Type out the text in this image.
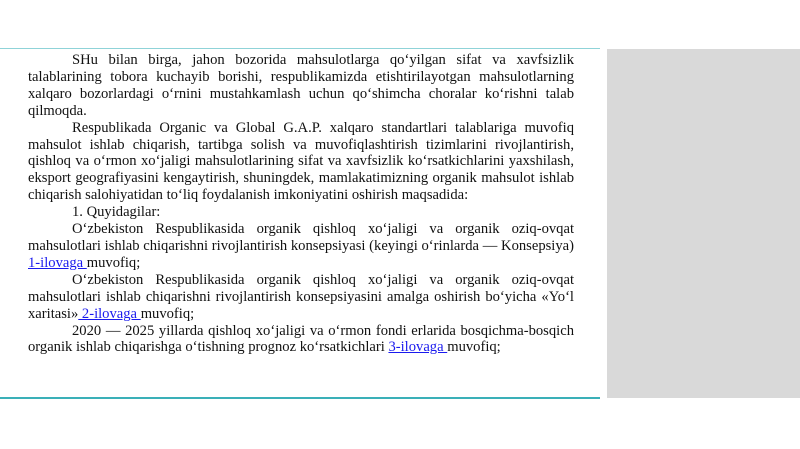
SHu bilan birga, jahon bozorida mahsulotlarga qo‘yilgan sifat va xavfsizlik talablarining tobora kuchayib borishi, respublikamizda etishtirilayotgan mahsulotlarning xalqaro bozorlardagi o‘rnini mustahkamlash uchun qo‘shimcha choralar ko‘rishni talab qilmoqda.

Respublikada Organic va Global G.A.P. xalqaro standartlari talablariga muvofiq mahsulot ishlab chiqarish, tartibga solish va muvofiqlashtirish tizimlarini rivojlantirish, qishloq va o‘rmon xo‘jaligi mahsulotlarining sifat va xavfsizlik ko‘rsatkichlarini yaxshilash, eksport geografiyasini kengaytirish, shuningdek, mamlakatimizning organik mahsulot ishlab chiqarish salohiyatidan to‘liq foydalanish imkoniyatini oshirish maqsadida:

1. Quyidagilar:

O‘zbekiston Respublikasida organik qishloq xo‘jaligi va organik oziq-ovqat mahsulotlari ishlab chiqarishni rivojlantirish konsepsiyasi (keyingi o‘rinlarda — Konsepsiya) 1-ilovaga muvofiq;

O‘zbekiston Respublikasida organik qishloq xo‘jaligi va organik oziq-ovqat mahsulotlari ishlab chiqarishni rivojlantirish konsepsiyasini amalga oshirish bo‘yicha «Yo‘l xaritasi» 2-ilovaga muvofiq;

2020 — 2025 yillarda qishloq xo‘jaligi va o‘rmon fondi erlarida bosqichma-bosqich organik ishlab chiqarishga o‘tishning prognoz ko‘rsatkichlari 3-ilovaga muvofiq;
